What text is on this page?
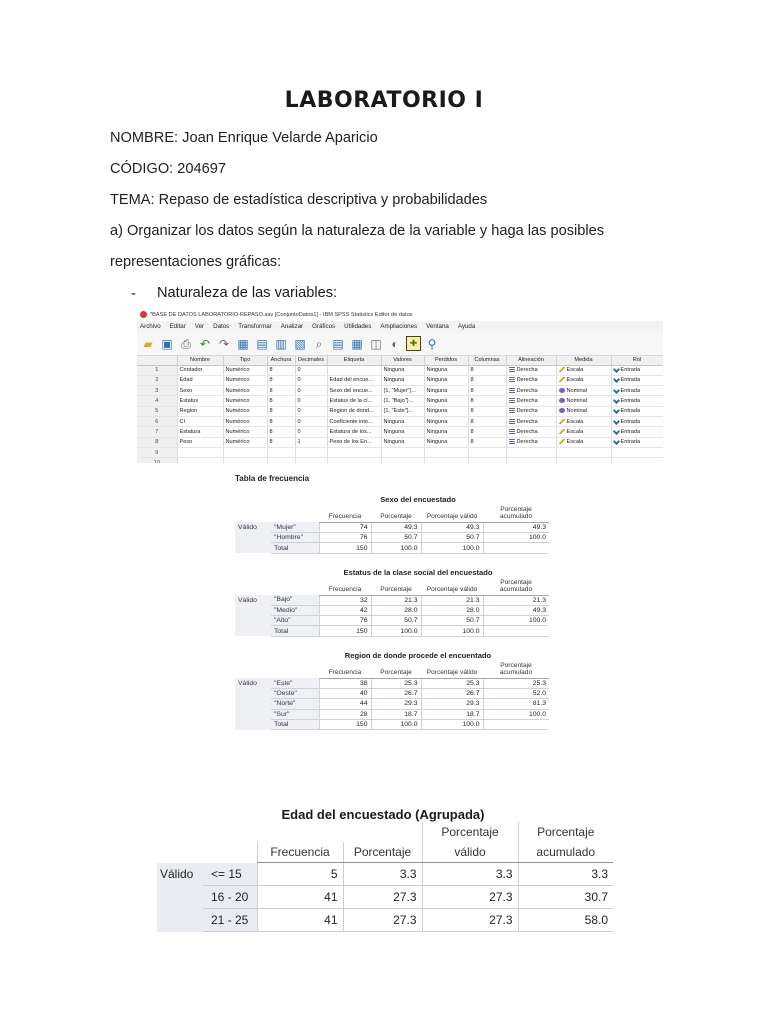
LABORATORIO I
NOMBRE: Joan Enrique Velarde Aparicio
CÓDIGO: 204697
TEMA: Repaso de estadística descriptiva y probabilidades
a) Organizar los datos según la naturaleza de la variable y haga las posibles
representaciones gráficas:
- Naturaleza de las variables:
*BASE DE DATOS LABORATORIO-REPASO.sav [ConjuntoDatos1] - IBM SPSS Statistics Editor de datos
Archivo Editar Ver Datos Transformar Analizar Gráficos Utilidades Ampliaciones Ventana Ayuda
▰ ▣ ⎙ ↶ ↷ ▦ ▤ ▥ ▧ ⌕ ▤ ▦ ◫ ◐	✚ ⚲
	Nombre	Tipo	Anchura	Decimales	Etiqueta	Valores	Perdidos	Columnas	Alineación	Medida	Rol
1	Contador	Numérico	8	0		Ninguna	Ninguna	8	Derecha	Escala	Entrada
2	Edad	Numérico	8	0	Edad del encue...	Ninguna	Ninguna	8	Derecha	Escala	Entrada
3	Sexo	Numérico	8	0	Sexo del encue...	{1, "Mujer"}...	Ninguna	8	Derecha	Nominal	Entrada
4	Estatus	Numérico	8	0	Estatus de la cl...	{1, "Bajo"}...	Ninguna	8	Derecha	Nominal	Entrada
5	Region	Numérico	8	0	Region de dond...	{1, "Este"}...	Ninguna	8	Derecha	Nominal	Entrada
6	CI	Numérico	8	0	Coeficiente inte...	Ninguna	Ninguna	8	Derecha	Escala	Entrada
7	Estatura	Numérico	8	0	Estatura de los...	Ninguna	Ninguna	8	Derecha	Escala	Entrada
8	Peso	Numérico	8	1	Peso de los En...	Ninguna	Ninguna	8	Derecha	Escala	Entrada
9											
10											
Tabla de frecuencia
Sexo del encuestado
		Frecuencia	Porcentaje	Porcentaje válido	Porcentaje acumulado
Válido	"Mujer"	74	49.3	49.3	49.3
	"Hombre"	76	50.7	50.7	100.0
	Total	150	100.0	100.0	
Estatus de la clase social del encuestado
		Frecuencia	Porcentaje	Porcentaje válido	Porcentaje acumulado
Válido	"Bajo"	32	21.3	21.3	21.3
	"Medio"	42	28.0	28.0	49.3
	"Alto"	76	50.7	50.7	100.0
	Total	150	100.0	100.0	
Region de donde procede el encuentado
		Frecuencia	Porcentaje	Porcentaje válido	Porcentaje acumulado
Válido	"Este"	38	25.3	25.3	25.3
	"Oeste"	40	26.7	26.7	52.0
	"Norte"	44	29.3	29.3	81.3
	"Sur"	28	18.7	18.7	100.0
	Total	150	100.0	100.0	
Edad del encuestado (Agrupada)
				Porcentaje	Porcentaje
		Frecuencia	Porcentaje	válido	acumulado
Válido	<= 15	5	3.3	3.3	3.3
	16 - 20	41	27.3	27.3	30.7
	21 - 25	41	27.3	27.3	58.0
